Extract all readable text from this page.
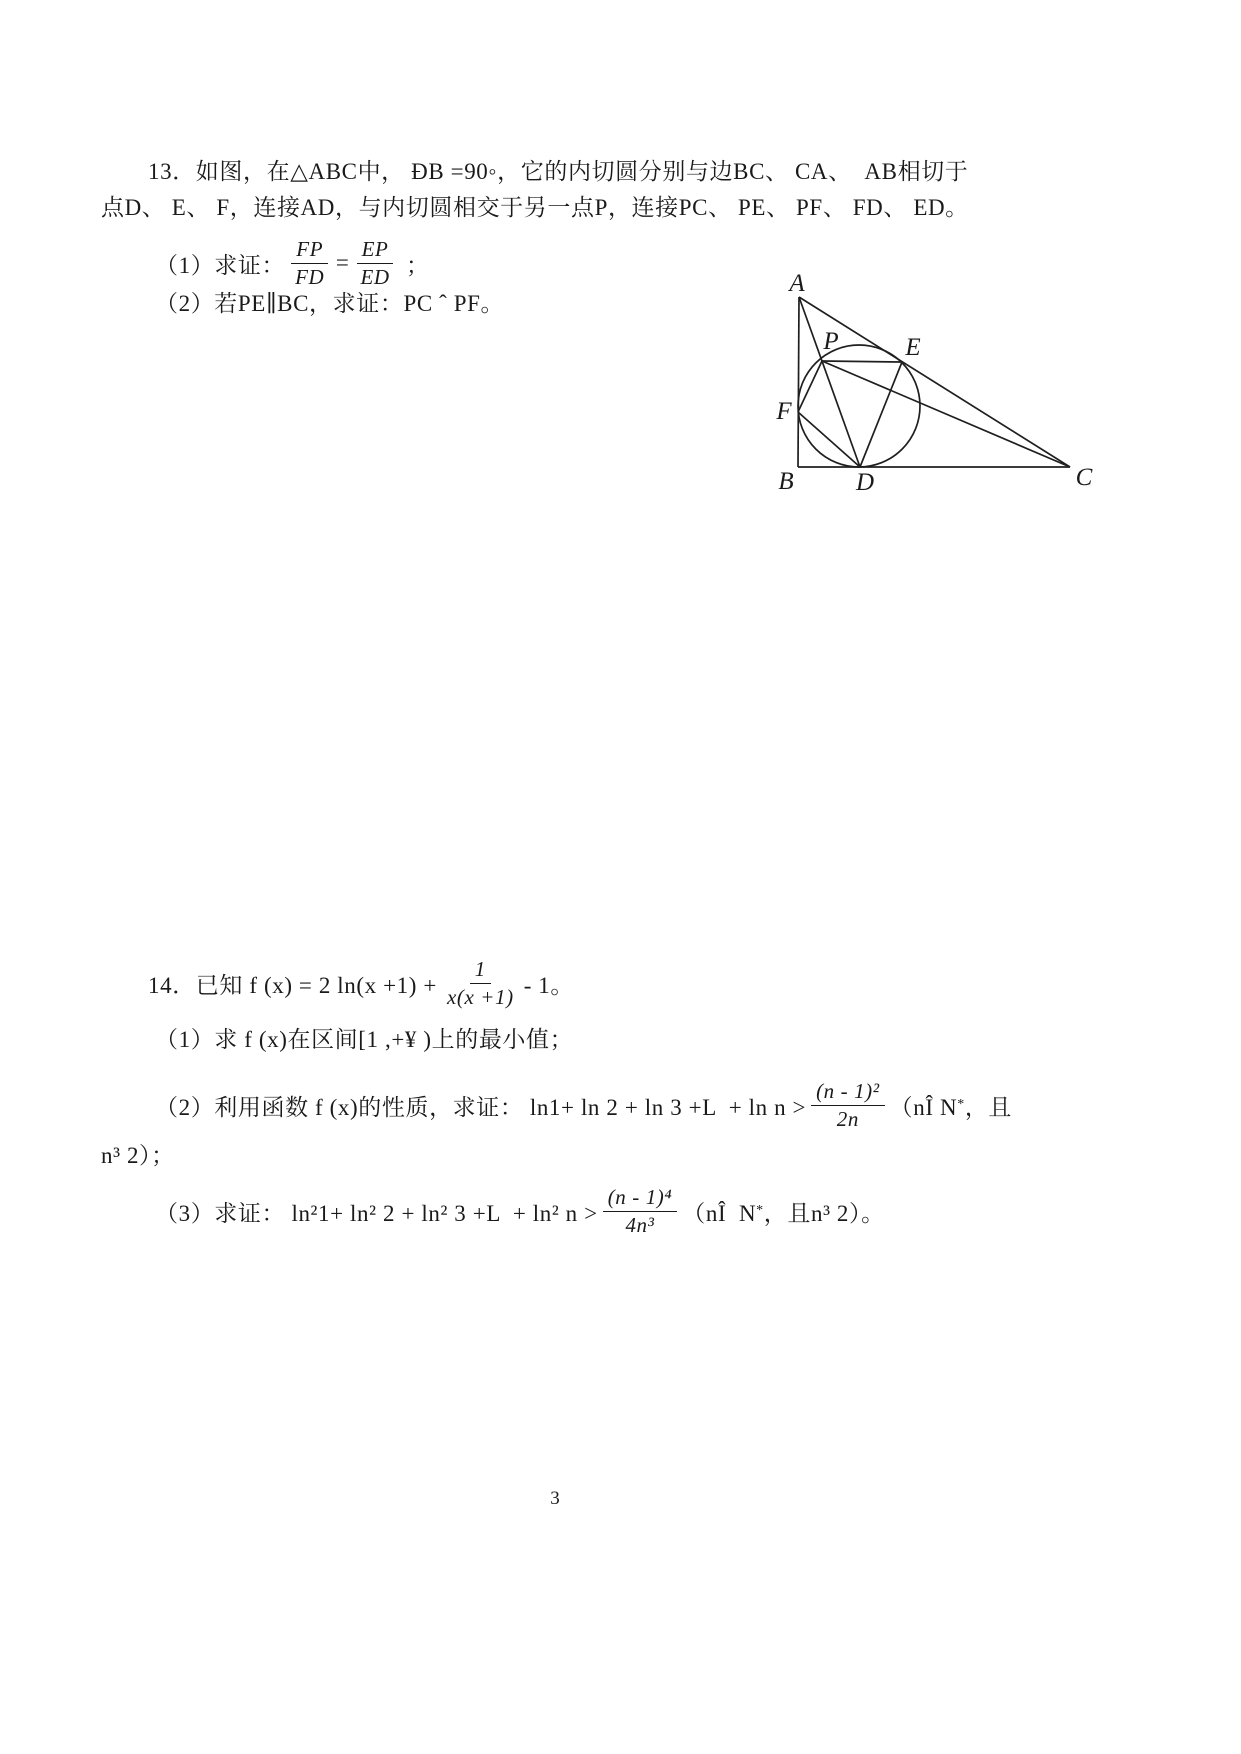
13．如图，在△ABC中， ÐB =90◦，它的内切圆分别与边BC、 CA、  AB相切于
点D、 E、 F，连接AD，与内切圆相交于另一点P，连接PC、 PE、 PF、 FD、 ED。
（1）求证： $\frac{FP}{FD} = \frac{EP}{ED}$ ；
（2）若PE∥BC，求证：PC ˆ PF。
A
B	C
D
E
F
P
14．已知 f (x) = 2 $\ln(x +1) + \frac{1}{x(x +1)} - 1$。
（1）求 f (x)在区间[1 ,+¥ )上的最小值；
（2）利用函数 f (x)的性质，求证： $\ln 1+ \ln 2 + \ln 3 +L + \ln n > \frac{\text{(n - 1)²}}{2n}$ （nÎ N * ，且
n³ 2）；
（3）求证： ln²1+ ln² 2 + ln² 3 +L  + ln² $n > \frac{\text{(n - 1)⁴}}{\text{4n³}}$ （nÎ  N * ，且n³ 2）。
3
